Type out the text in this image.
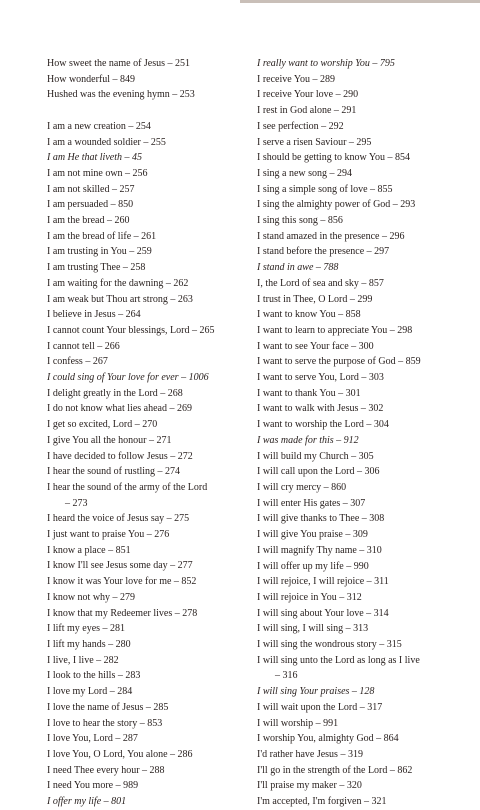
How sweet the name of Jesus – 251
How wonderful – 849
Hushed was the evening hymn – 253
I am a new creation – 254
I am a wounded soldier – 255
I am He that liveth – 45
I am not mine own – 256
I am not skilled – 257
I am persuaded – 850
I am the bread – 260
I am the bread of life – 261
I am trusting in You – 259
I am trusting Thee – 258
I am waiting for the dawning – 262
I am weak but Thou art strong – 263
I believe in Jesus – 264
I cannot count Your blessings, Lord – 265
I cannot tell – 266
I confess – 267
I could sing of Your love for ever – 1006
I delight greatly in the Lord – 268
I do not know what lies ahead – 269
I get so excited, Lord – 270
I give You all the honour – 271
I have decided to follow Jesus – 272
I hear the sound of rustling – 274
I hear the sound of the army of the Lord
– 273
I heard the voice of Jesus say – 275
I just want to praise You – 276
I know a place – 851
I know I'll see Jesus some day – 277
I know it was Your love for me – 852
I know not why – 279
I know that my Redeemer lives – 278
I lift my eyes – 281
I lift my hands – 280
I live, I live – 282
I look to the hills – 283
I love my Lord – 284
I love the name of Jesus – 285
I love to hear the story – 853
I love You, Lord – 287
I love You, O Lord, You alone – 286
I need Thee every hour – 288
I need You more – 989
I offer my life – 801
I really want to worship You – 795
I receive You – 289
I receive Your love – 290
I rest in God alone – 291
I see perfection – 292
I serve a risen Saviour – 295
I should be getting to know You – 854
I sing a new song – 294
I sing a simple song of love – 855
I sing the almighty power of God – 293
I sing this song – 856
I stand amazed in the presence – 296
I stand before the presence – 297
I stand in awe – 788
I, the Lord of sea and sky – 857
I trust in Thee, O Lord – 299
I want to know You – 858
I want to learn to appreciate You – 298
I want to see Your face – 300
I want to serve the purpose of God – 859
I want to serve You, Lord – 303
I want to thank You – 301
I want to walk with Jesus – 302
I want to worship the Lord – 304
I was made for this – 912
I will build my Church – 305
I will call upon the Lord – 306
I will cry mercy – 860
I will enter His gates – 307
I will give thanks to Thee – 308
I will give You praise – 309
I will magnify Thy name – 310
I will offer up my life – 990
I will rejoice, I will rejoice – 311
I will rejoice in You – 312
I will sing about Your love – 314
I will sing, I will sing – 313
I will sing the wondrous story – 315
I will sing unto the Lord as long as I live
– 316
I will sing Your praises – 128
I will wait upon the Lord – 317
I will worship – 991
I worship You, almighty God – 864
I'd rather have Jesus – 319
I'll go in the strength of the Lord – 862
I'll praise my maker – 320
I'm accepted, I'm forgiven – 321
